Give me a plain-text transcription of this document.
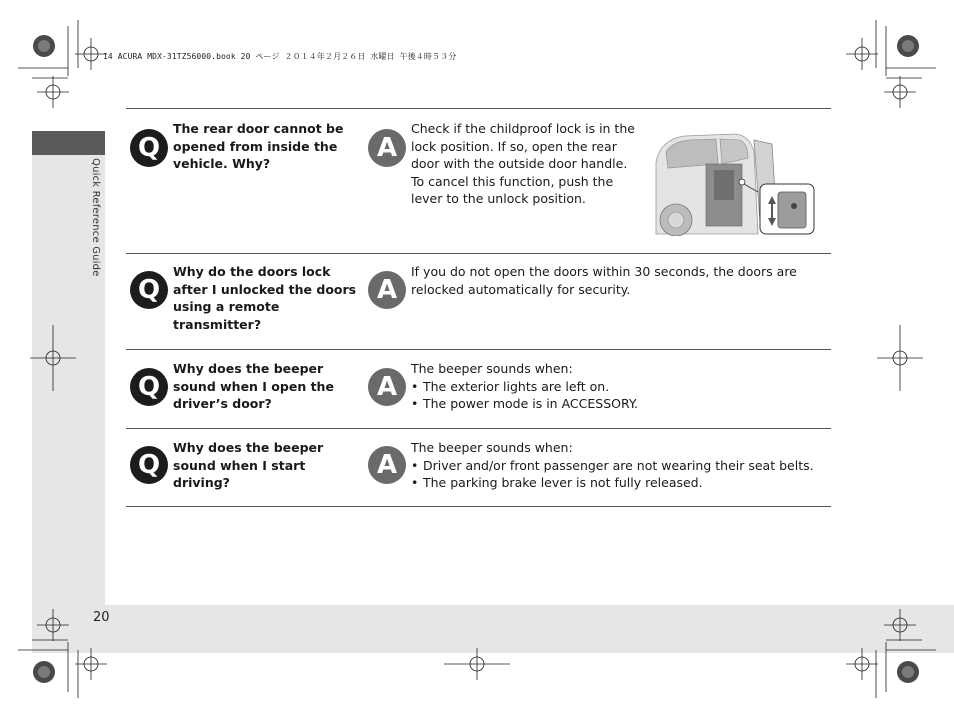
14 ACURA MDX-31TZ56000.book 20 ページ ２０１４年２月２６日 水曜日 午後４時５３分
Quick Reference Guide
20
Q
The rear door cannot be opened from inside the vehicle. Why?
A
Check if the childproof lock is in the
lock position. If so, open the rear
door with the outside door handle.
To cancel this function, push the
lever to the unlock position.
Q
Why do the doors lock after I unlocked the doors using a remote transmitter?
A
If you do not open the doors within 30 seconds, the doors are
relocked automatically for security.
Q
Why does the beeper sound when I open the driver’s door?
A
The beeper sounds when:
• The exterior lights are left on.
• The power mode is in ACCESSORY.
Q
Why does the beeper sound when I start driving?
A
The beeper sounds when:
• Driver and/or front passenger are not wearing their seat belts.
• The parking brake lever is not fully released.
